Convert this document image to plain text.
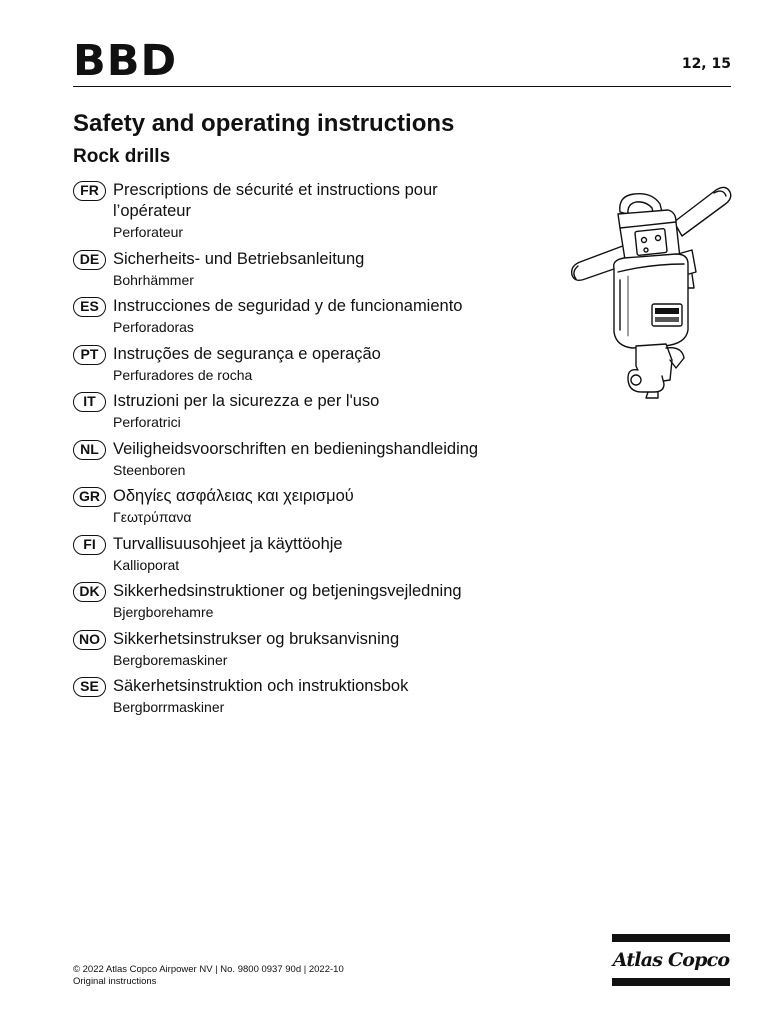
BBD	12, 15
Safety and operating instructions
Rock drills
FR Prescriptions de sécurité et instructions pour l’opérateur
Perforateur
DE Sicherheits- und Betriebsanleitung
Bohrhämmer
ES Instrucciones de seguridad y de funcionamiento
Perforadoras
PT Instruções de segurança e operação
Perfuradores de rocha
IT	Istruzioni per la sicurezza e per l'uso
Perforatrici
NL Veiligheidsvoorschriften en bedieningshandleiding
Steenboren
GR Οδηγίες ασφάλειας και χειρισμού
Γεωτρύπανα
FI	Turvallisuusohjeet ja käyttöohje
Kallioporat
DK Sikkerhedsinstruktioner og betjeningsvejledning
Bjergborehamre
NO Sikkerhetsinstrukser og bruksanvisning
Bergboremaskiner
SE Säkerhetsinstruktion och instruktionsbok
Bergborrmaskiner
© 2022 Atlas Copco Airpower NV | No. 9800 0937 90d | 2022-10
Original instructions
Atlas Copco
